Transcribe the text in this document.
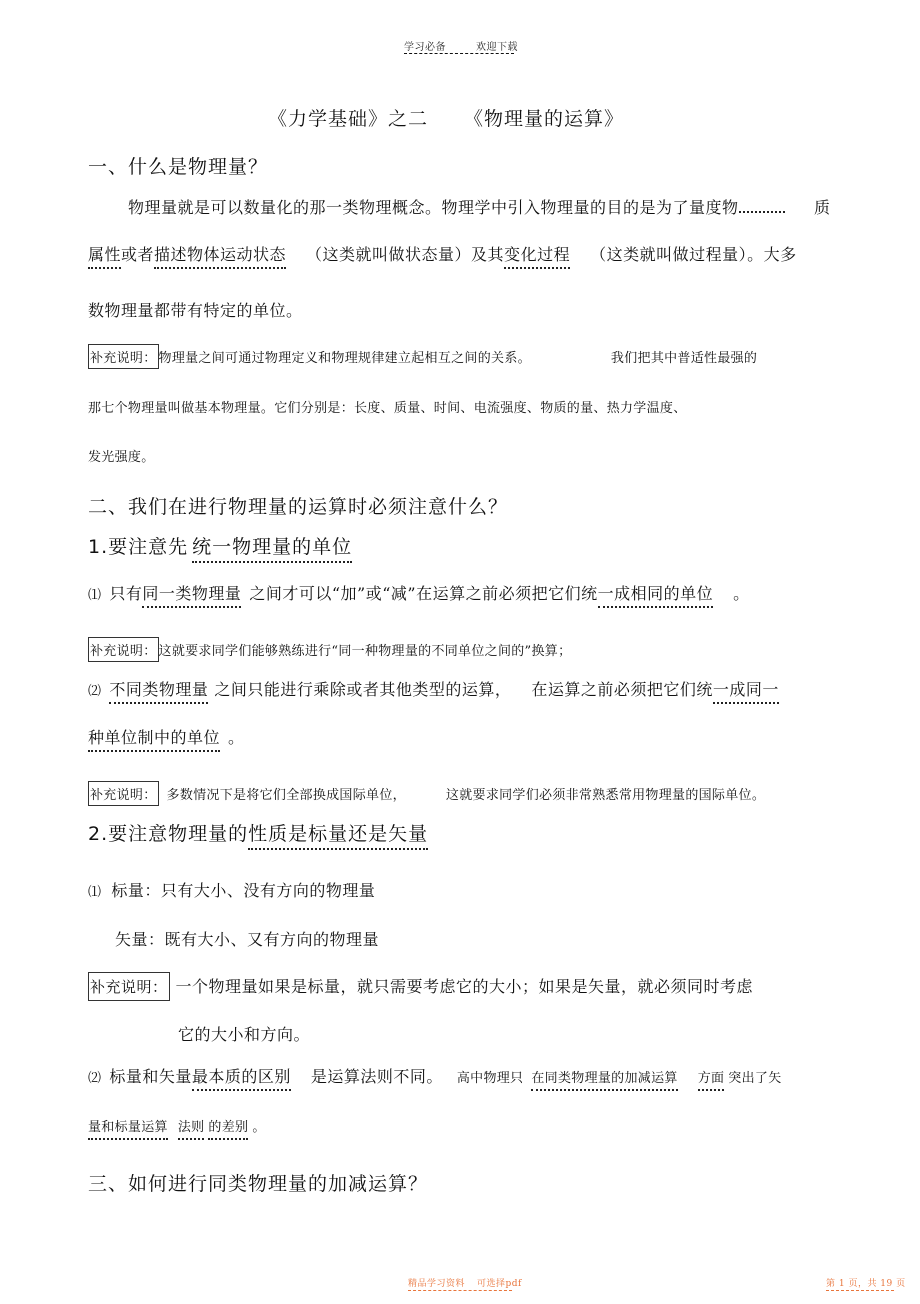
学习必备	欢迎下载
《力学基础》之二 《物理量的运算》
一、什么是物理量？
物理量就是可以数量化的那一类物理概念。物理学中引入物理量的目的是为了量度物	质
属性或者描述物体运动状态 （这类就叫做状态量）及其变化过程 （这类就叫做过程量）。大多
数物理量都带有特定的单位。
补充说明： 物理量之间可通过物理定义和物理规律建立起相互之间的关系。	我们把其中普适性最强的
那七个物理量叫做基本物理量。它们分别是：长度、质量、时间、电流强度、物质的量、热力学温度、
发光强度。
二、我们在进行物理量的运算时必须注意什么？
1.要注意先 统一物理量的单位
⑴ 只有同一类物理量 之间才可以“加”或“减”在运算之前必须把它们统一成相同的单位 。
补充说明： 这就要求同学们能够熟练进行“同一种物理量的不同单位之间的”换算；
⑵ 不同类物理量 之间只能进行乘除或者其他类型的运算， 在运算之前必须把它们统一成同一
种单位制中的单位 。
补充说明： 多数情况下是将它们全部换成国际单位，	这就要求同学们必须非常熟悉常用物理量的国际单位。
2.要注意物理量的性质是标量还是矢量
⑴ 标量：只有大小、没有方向的物理量
矢量：既有大小、又有方向的物理量
补充说明： 一个物理量如果是标量，就只需要考虑它的大小；如果是矢量，就必须同时考虑
它的大小和方向。
⑵ 标量和矢量最本质的区别 是运算法则不同。 高中物理只 在同类物理量的加减运算 方面 突出了矢
量和标量运算 法则 的差别 。
三、如何进行同类物理量的加减运算？
精品学习资料 可选择pdf	第 1 页，共 19 页
